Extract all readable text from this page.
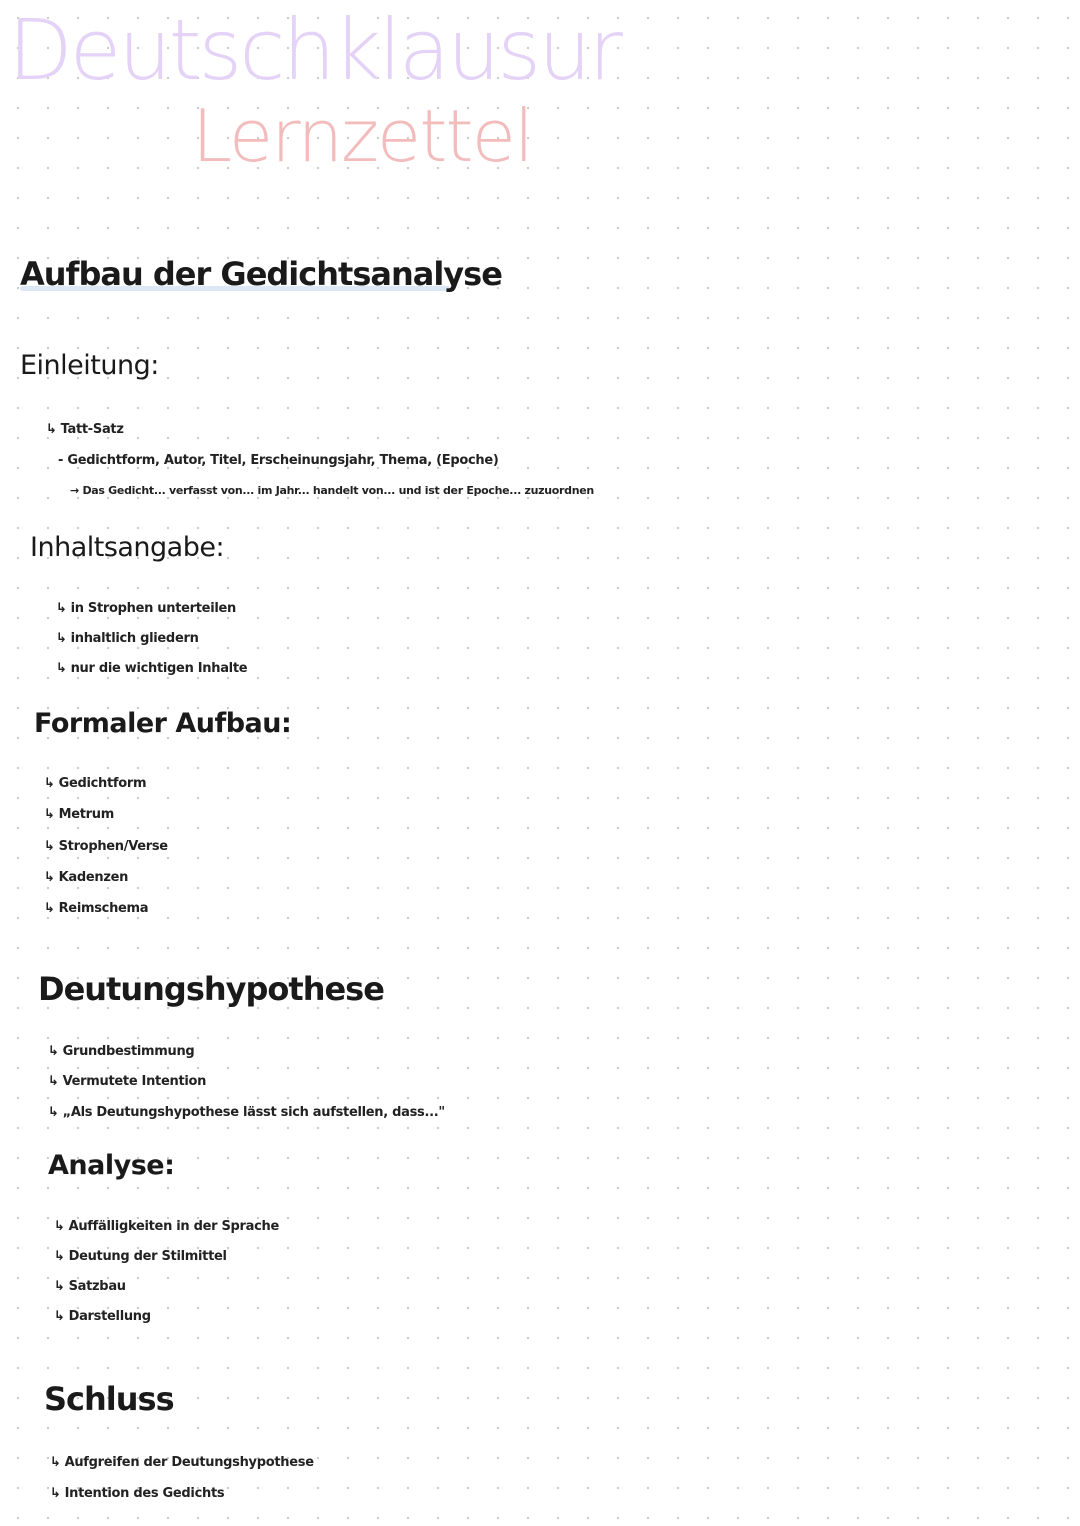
Deutschklausur
Lernzettel
Aufbau der Gedichtsanalyse
Einleitung:
↳ Tatt-Satz
- Gedichtform, Autor, Titel, Erscheinungsjahr, Thema, (Epoche)
→ Das Gedicht... verfasst von... im Jahr... handelt von... und ist der Epoche... zuzuordnen
Inhaltsangabe:
↳ in Strophen unterteilen
↳ inhaltlich gliedern
↳ nur die wichtigen Inhalte
Formaler Aufbau:
↳ Gedichtform
↳ Metrum
↳ Strophen/Verse
↳ Kadenzen
↳ Reimschema
Deutungshypothese
↳ Grundbestimmung
↳ Vermutete Intention
↳ „Als Deutungshypothese lässt sich aufstellen, dass..."
Analyse:
↳ Auffälligkeiten in der Sprache
↳ Deutung der Stilmittel
↳ Satzbau
↳ Darstellung
Schluss
↳ Aufgreifen der Deutungshypothese
↳ Intention des Gedichts
